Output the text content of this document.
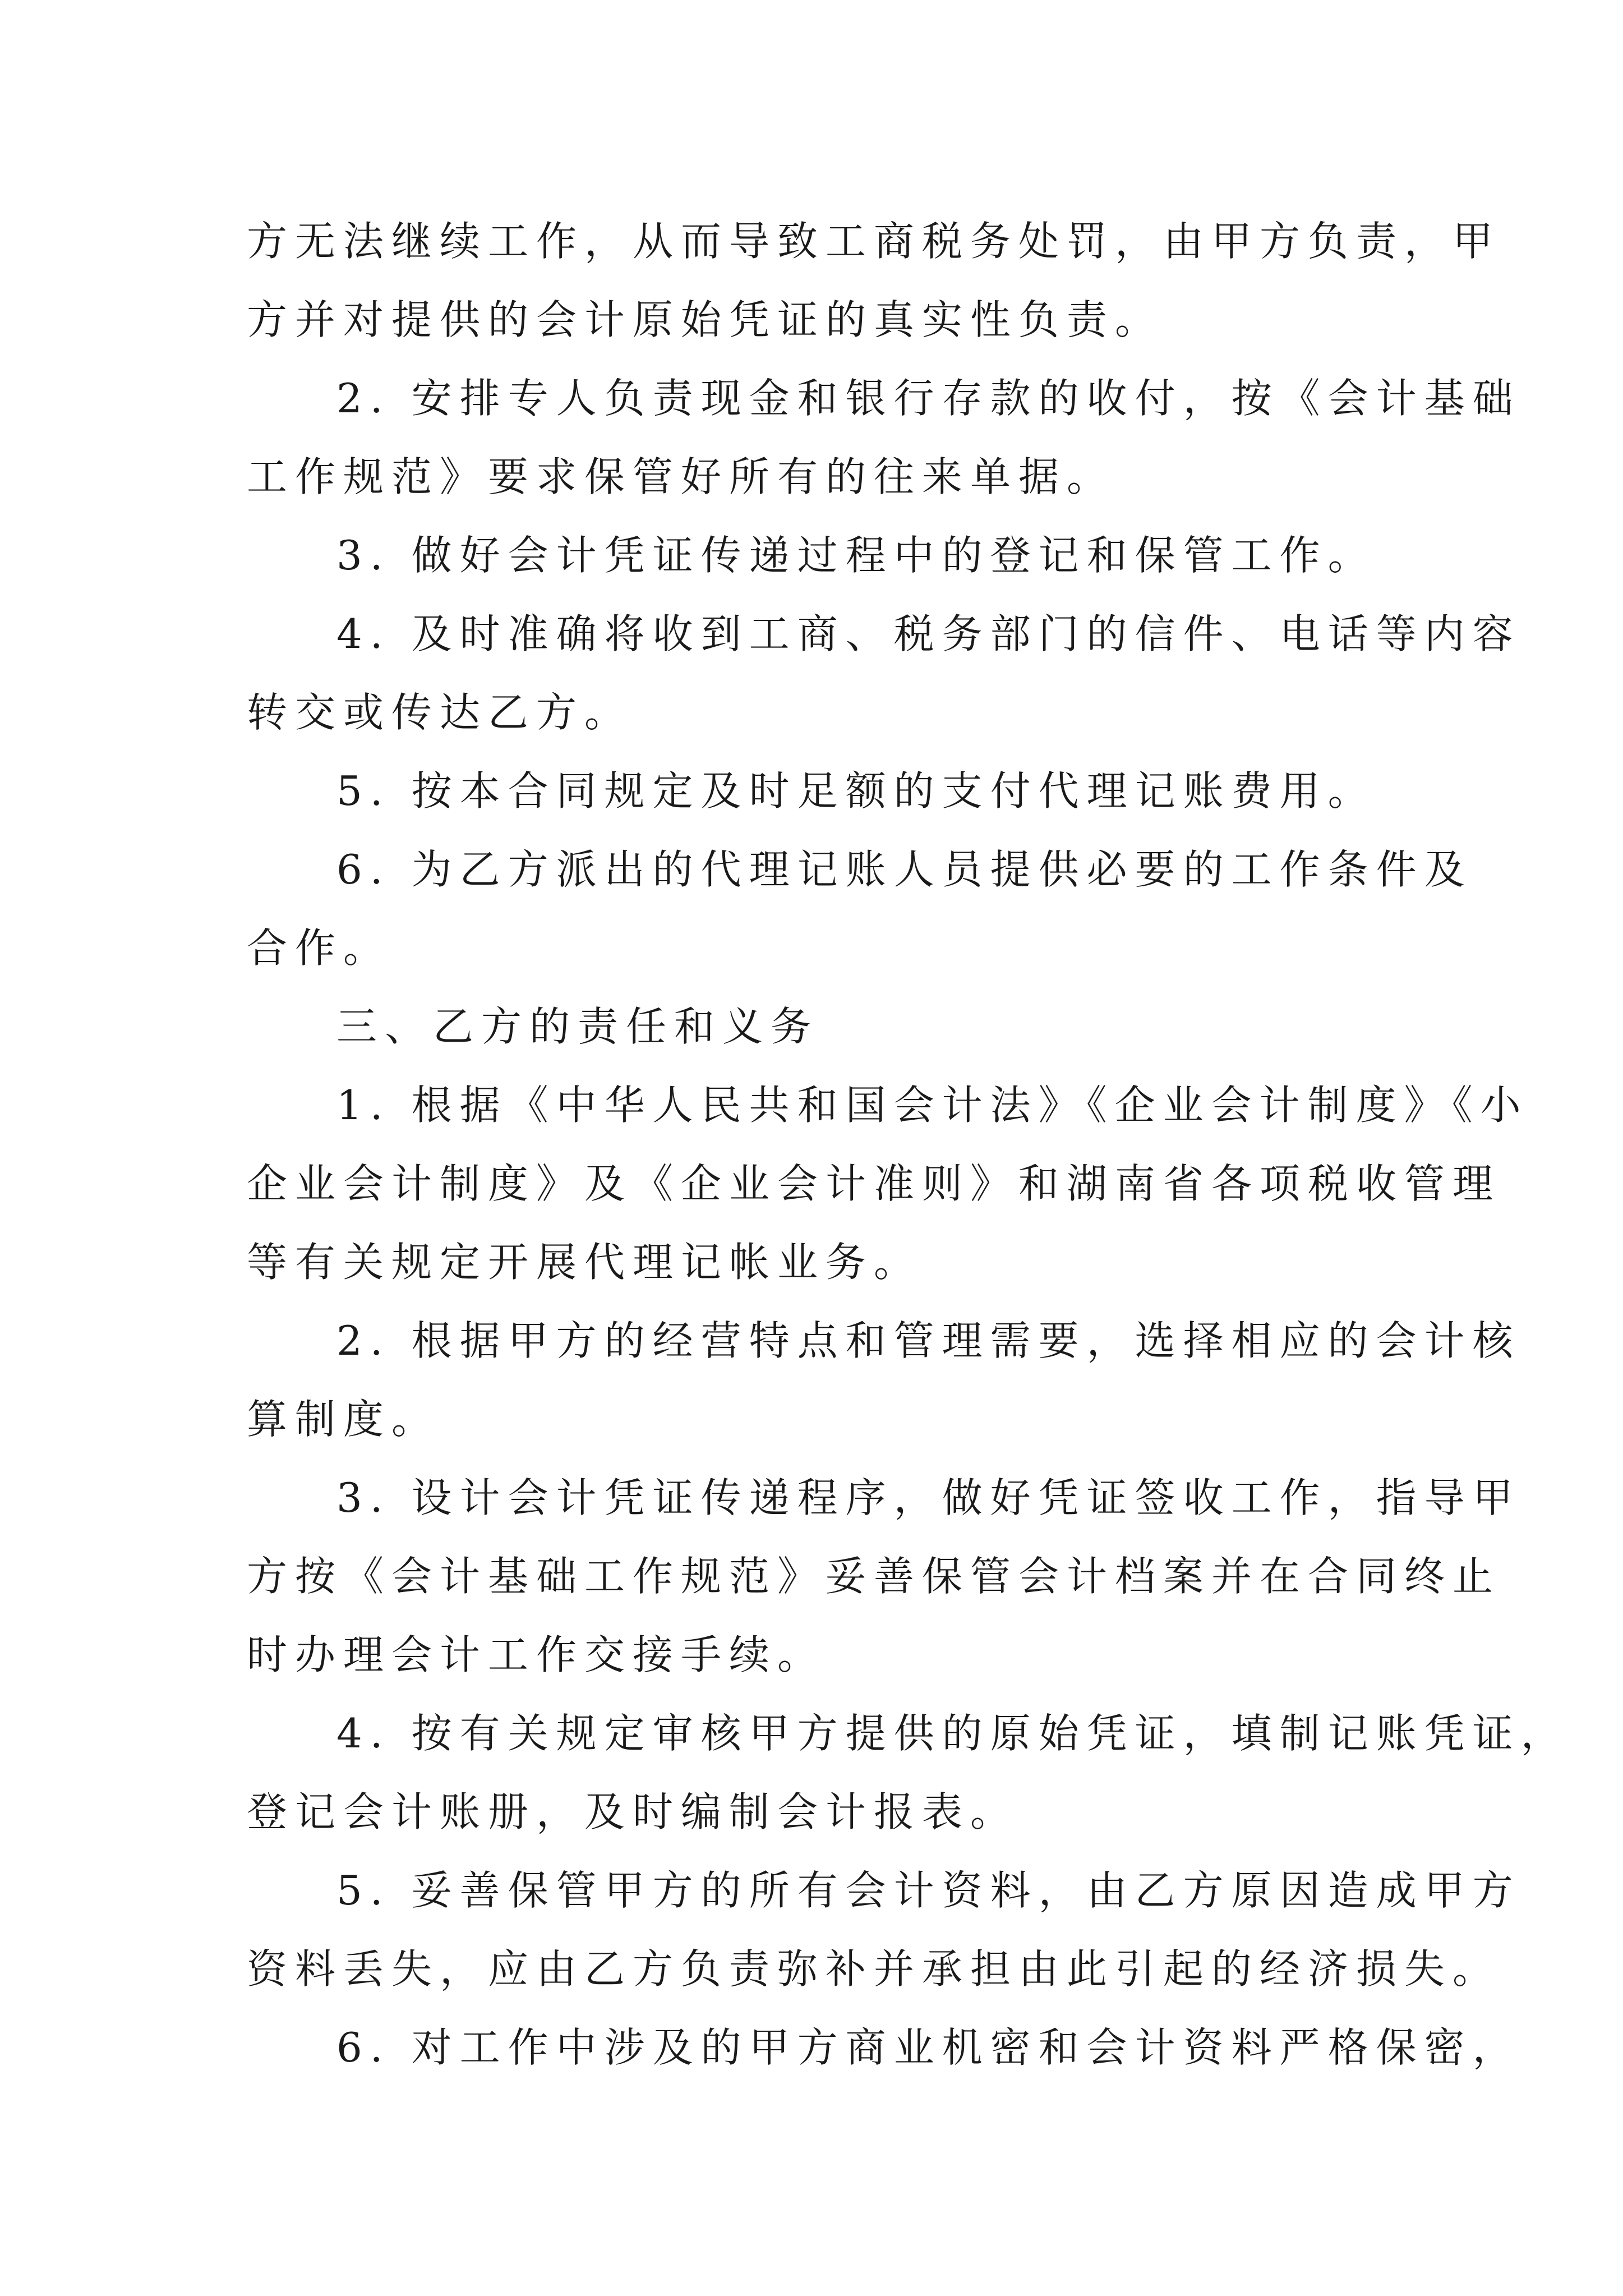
方无法继续工作，从而导致工商税务处罚，由甲方负责，甲
方并对提供的会计原始凭证的真实性负责。
2. 安排专人负责现金和银行存款的收付，按《会计基础
工作规范》要求保管好所有的往来单据。
3. 做好会计凭证传递过程中的登记和保管工作。
4. 及时准确将收到工商、税务部门的信件、电话等内容
转交或传达乙方。
5. 按本合同规定及时足额的支付代理记账费用。
6. 为乙方派出的代理记账人员提供必要的工作条件及
合作。
三、乙方的责任和义务
1. 根据《中华人民共和国会计法》《企业会计制度》《小
企业会计制度》及《企业会计准则》和湖南省各项税收管理
等有关规定开展代理记帐业务。
2. 根据甲方的经营特点和管理需要，选择相应的会计核
算制度。
3. 设计会计凭证传递程序，做好凭证签收工作，指导甲
方按《会计基础工作规范》妥善保管会计档案并在合同终止
时办理会计工作交接手续。
4. 按有关规定审核甲方提供的原始凭证，填制记账凭证，
登记会计账册，及时编制会计报表。
5. 妥善保管甲方的所有会计资料，由乙方原因造成甲方
资料丢失，应由乙方负责弥补并承担由此引起的经济损失。
6. 对工作中涉及的甲方商业机密和会计资料严格保密，
